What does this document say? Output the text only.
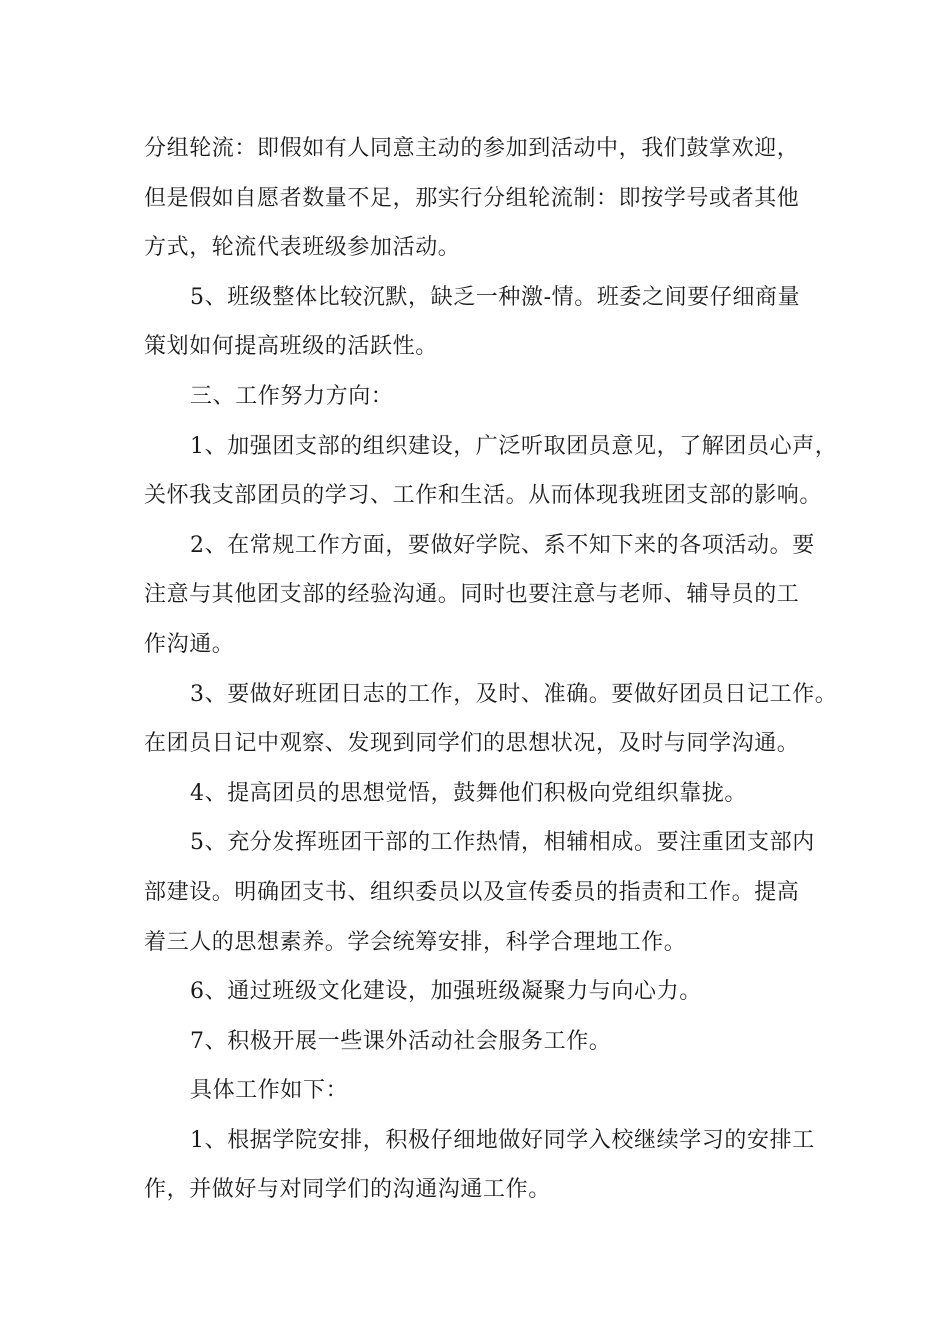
分组轮流：即假如有人同意主动的参加到活动中，我们鼓掌欢迎，
但是假如自愿者数量不足，那实行分组轮流制：即按学号或者其他
方式，轮流代表班级参加活动。
5、班级整体比较沉默，缺乏一种激-情。班委之间要仔细商量
策划如何提高班级的活跃性。
三、工作努力方向：
1、加强团支部的组织建设，广泛听取团员意见，了解团员心声，
关怀我支部团员的学习、工作和生活。从而体现我班团支部的影响。
2、在常规工作方面，要做好学院、系不知下来的各项活动。要
注意与其他团支部的经验沟通。同时也要注意与老师、辅导员的工
作沟通。
3、要做好班团日志的工作，及时、准确。要做好团员日记工作。
在团员日记中观察、发现到同学们的思想状况，及时与同学沟通。
4、提高团员的思想觉悟，鼓舞他们积极向党组织靠拢。
5、充分发挥班团干部的工作热情，相辅相成。要注重团支部内
部建设。明确团支书、组织委员以及宣传委员的指责和工作。提高
着三人的思想素养。学会统筹安排，科学合理地工作。
6、通过班级文化建设，加强班级凝聚力与向心力。
7、积极开展一些课外活动社会服务工作。
具体工作如下：
1、根据学院安排，积极仔细地做好同学入校继续学习的安排工
作，并做好与对同学们的沟通沟通工作。
